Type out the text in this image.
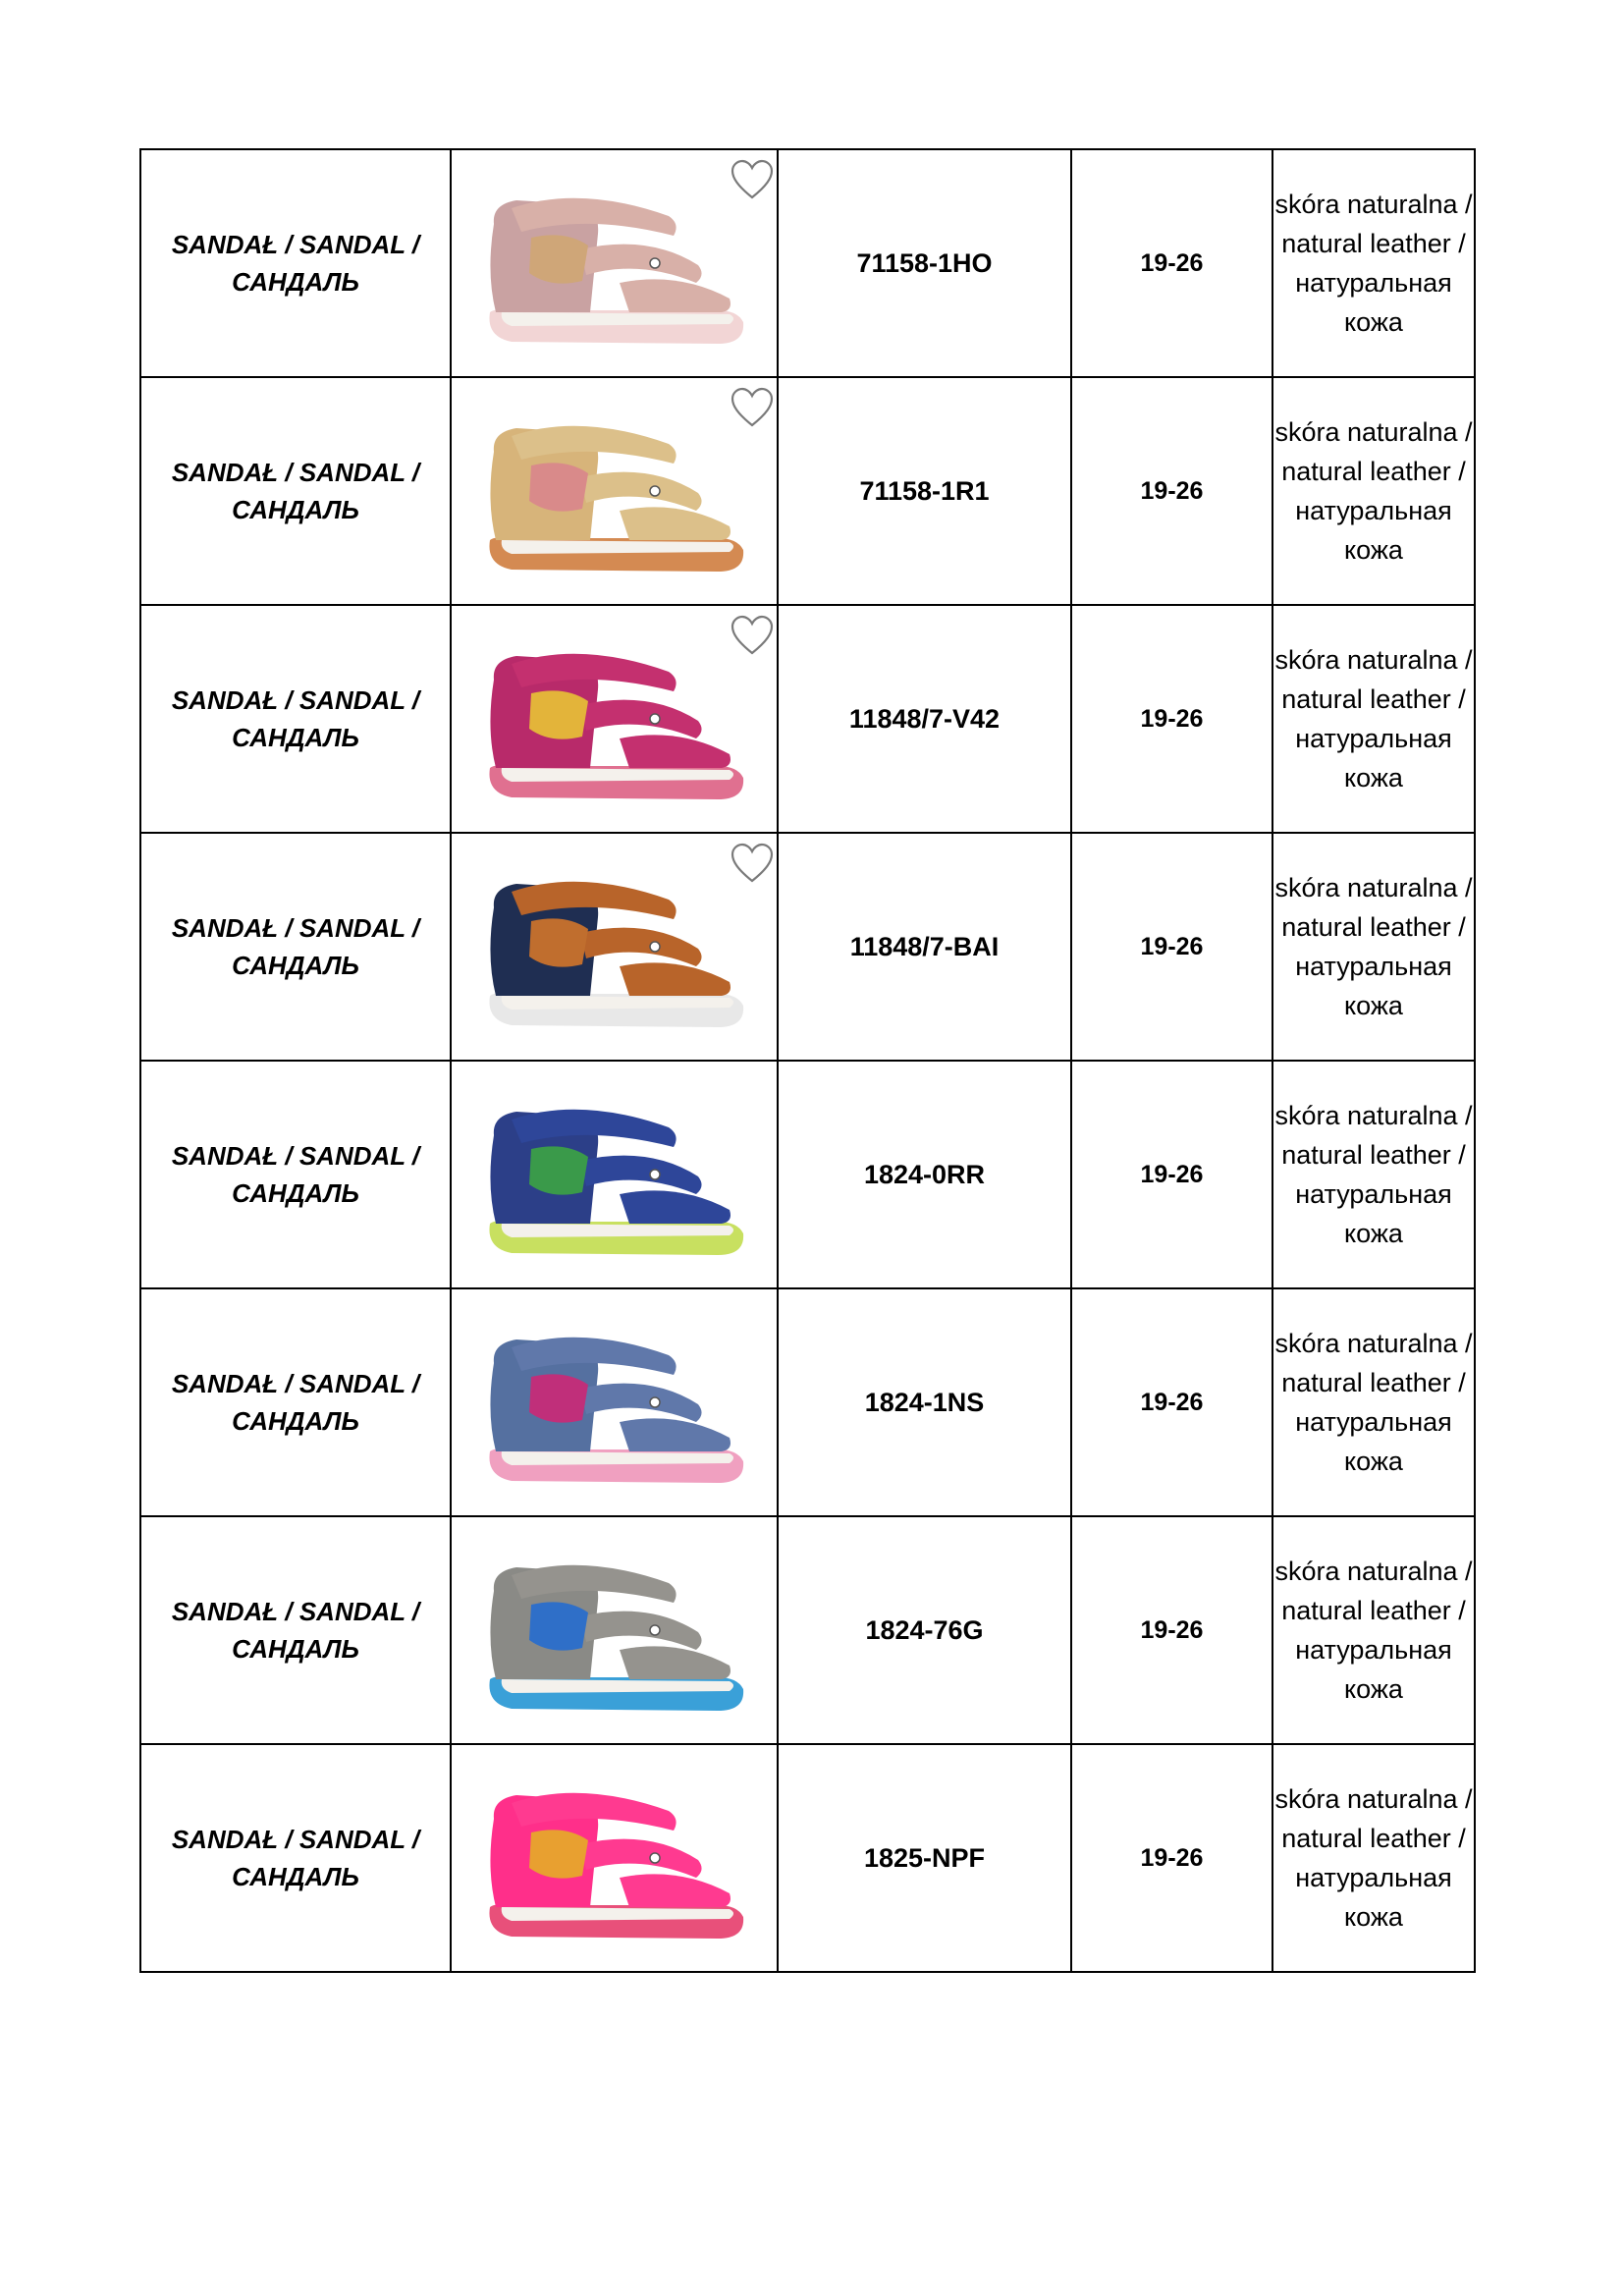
SANDAŁ / SANDAL / САНДАЛЬ		71158-1HO	19-26	skóra naturalna / natural leather / натуральная кожа
SANDAŁ / SANDAL / САНДАЛЬ		71158-1R1	19-26	skóra naturalna / natural leather / натуральная кожа
SANDAŁ / SANDAL / САНДАЛЬ		11848/7-V42	19-26	skóra naturalna / natural leather / натуральная кожа
SANDAŁ / SANDAL / САНДАЛЬ		11848/7-BAI	19-26	skóra naturalna / natural leather / натуральная кожа
SANDAŁ / SANDAL / САНДАЛЬ		1824-0RR	19-26	skóra naturalna / natural leather / натуральная кожа
SANDAŁ / SANDAL / САНДАЛЬ		1824-1NS	19-26	skóra naturalna / natural leather / натуральная кожа
SANDAŁ / SANDAL / САНДАЛЬ		1824-76G	19-26	skóra naturalna / natural leather / натуральная кожа
SANDAŁ / SANDAL / САНДАЛЬ		1825-NPF	19-26	skóra naturalna / natural leather / натуральная кожа
